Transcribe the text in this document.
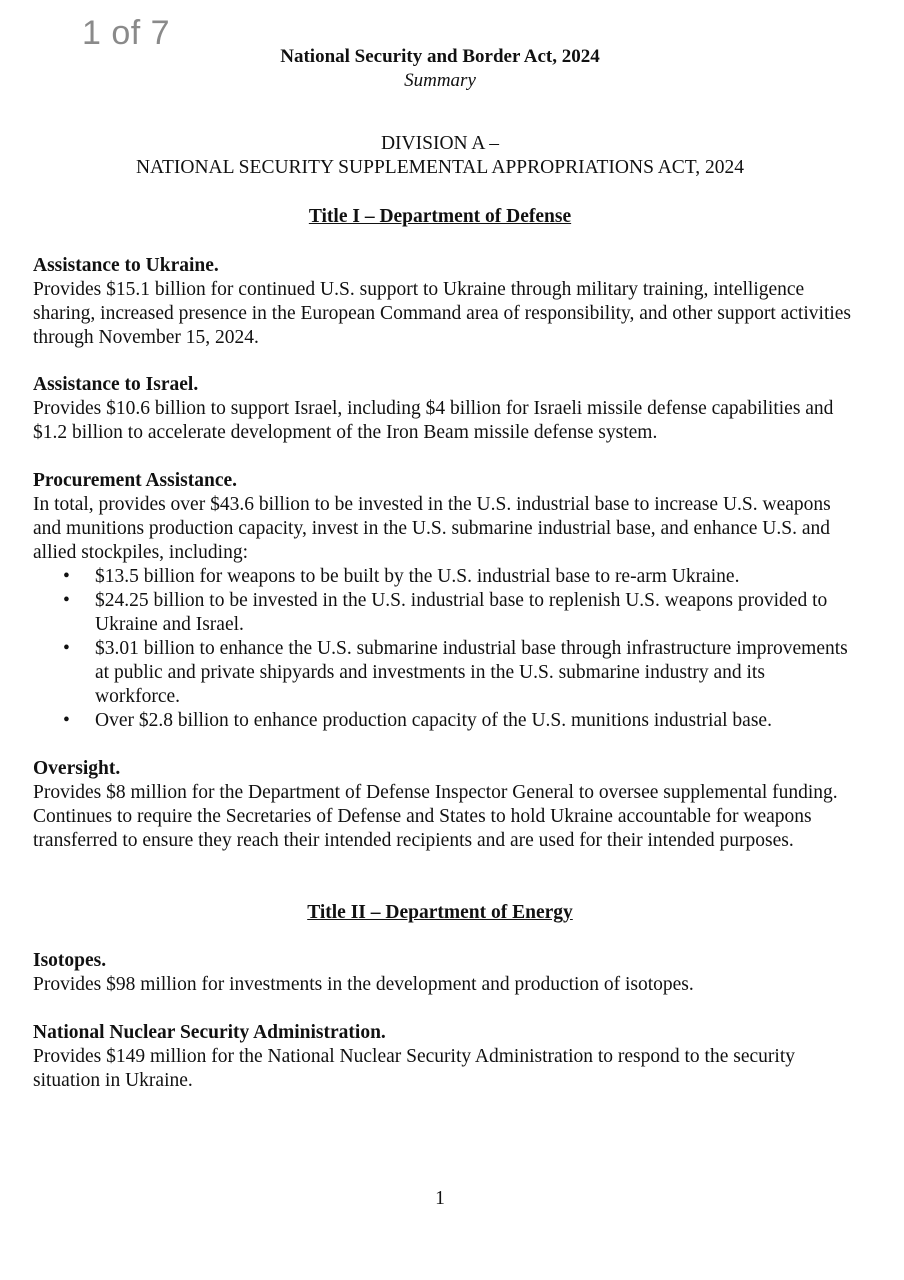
1 of 7
National Security and Border Act, 2024
Summary
DIVISION A –
NATIONAL SECURITY SUPPLEMENTAL APPROPRIATIONS ACT, 2024
Title I – Department of Defense
Assistance to Ukraine.

Provides $15.1 billion for continued U.S. support to Ukraine through military training, intelligence sharing, increased presence in the European Command area of responsibility, and other support activities through November 15, 2024.

Assistance to Israel.

Provides $10.6 billion to support Israel, including $4 billion for Israeli missile defense capabilities and $1.2 billion to accelerate development of the Iron Beam missile defense system.

Procurement Assistance.

In total, provides over $43.6 billion to be invested in the U.S. industrial base to increase U.S. weapons and munitions production capacity, invest in the U.S. submarine industrial base, and enhance U.S. and allied stockpiles, including:

• $13.5 billion for weapons to be built by the U.S. industrial base to re-arm Ukraine.
• $24.25 billion to be invested in the U.S. industrial base to replenish U.S. weapons provided to Ukraine and Israel.
• $3.01 billion to enhance the U.S. submarine industrial base through infrastructure improvements at public and private shipyards and investments in the U.S. submarine industry and its workforce.
• Over $2.8 billion to enhance production capacity of the U.S. munitions industrial base.
Oversight.

Provides $8 million for the Department of Defense Inspector General to oversee supplemental funding. Continues to require the Secretaries of Defense and States to hold Ukraine accountable for weapons transferred to ensure they reach their intended recipients and are used for their intended purposes.

Title II – Department of Energy
Isotopes.

Provides $98 million for investments in the development and production of isotopes.

National Nuclear Security Administration.

Provides $149 million for the National Nuclear Security Administration to respond to the security situation in Ukraine.

1
